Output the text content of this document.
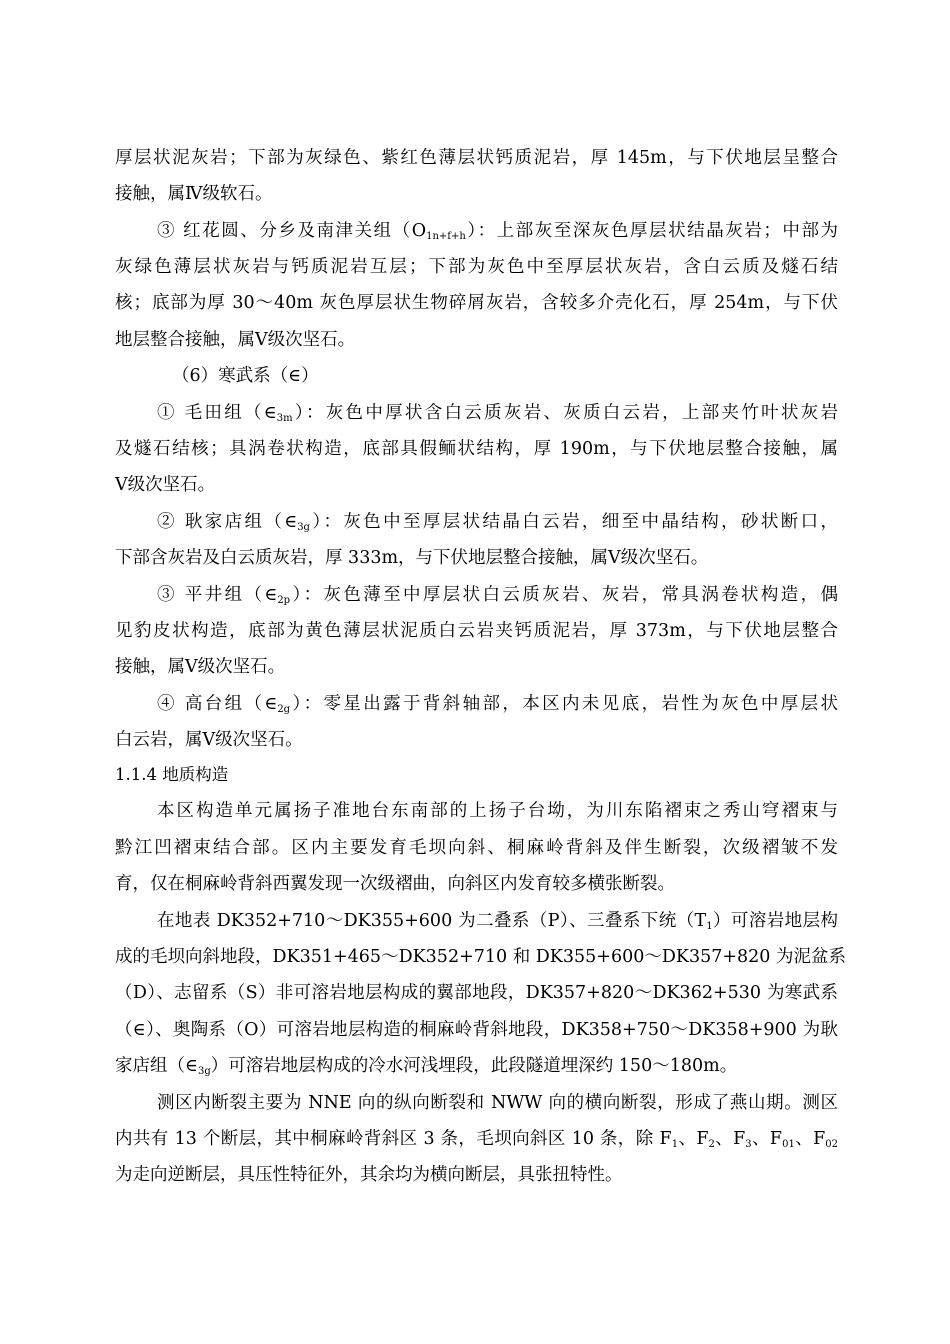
厚层状泥灰岩；下部为灰绿色、紫红色薄层状钙质泥岩，厚 145m，与下伏地层呈整合
接触，属Ⅳ级软石。
③ 红花圆、分乡及南津关组$(O_{1n+f+h})$：上部灰至深灰色厚层状结晶灰岩；中部为
灰绿色薄层状灰岩与钙质泥岩互层；下部为灰色中至厚层状灰岩，含白云质及燧石结
核；底部为厚 30～40m 灰色厚层状生物碎屑灰岩，含较多介壳化石，厚 254m，与下伏
地层整合接触，属Ⅴ级次坚石。
（6）寒武系（∈）
① 毛田组$(\in_{3m})$：灰色中厚状含白云质灰岩、灰质白云岩，上部夹竹叶状灰岩
及燧石结核；具涡卷状构造，底部具假鲕状结构，厚 190m，与下伏地层整合接触，属
Ⅴ级次坚石。
② 耿家店组$(\in_{3g})$：灰色中至厚层状结晶白云岩，细至中晶结构，砂状断口，
下部含灰岩及白云质灰岩，厚 333m，与下伏地层整合接触，属Ⅴ级次坚石。
③ 平井组$(\in_{2p})$：灰色薄至中厚层状白云质灰岩、灰岩，常具涡卷状构造，偶
见豹皮状构造，底部为黄色薄层状泥质白云岩夹钙质泥岩，厚 373m，与下伏地层整合
接触，属Ⅴ级次坚石。
④ 高台组$(\in_{2g})$：零星出露于背斜轴部，本区内未见底，岩性为灰色中厚层状
白云岩，属Ⅴ级次坚石。
1.1.4 地质构造
本区构造单元属扬子准地台东南部的上扬子台坳，为川东陷褶束之秀山穹褶束与
黔江凹褶束结合部。区内主要发育毛坝向斜、桐麻岭背斜及伴生断裂，次级褶皱不发
育，仅在桐麻岭背斜西翼发现一次级褶曲，向斜区内发育较多横张断裂。
在地表 DK352+710～DK355+600 为二叠系（P）、三叠系下统$(T_1)$可溶岩地层构
成的毛坝向斜地段，DK351+465～DK352+710 和 DK355+600～DK357+820 为泥盆系
（D）、志留系（S）非可溶岩地层构成的翼部地段，DK357+820～DK362+530 为寒武系
（∈）、奥陶系（O）可溶岩地层构造的桐麻岭背斜地段，DK358+750～DK358+900 为耿
家店组$(\in_{3g})$可溶岩地层构成的冷水河浅埋段，此段隧道埋深约 150～180m。
测区内断裂主要为 NNE 向的纵向断裂和 NWW 向的横向断裂，形成了燕山期。测区
内共有 13 个断层，其中桐麻岭背斜区 3 条，毛坝向斜区 10 条，除 $F_1$、$F_2$、$F_3$、$F_{01}$、$F_{02}$
为走向逆断层，具压性特征外，其余均为横向断层，具张扭特性。
